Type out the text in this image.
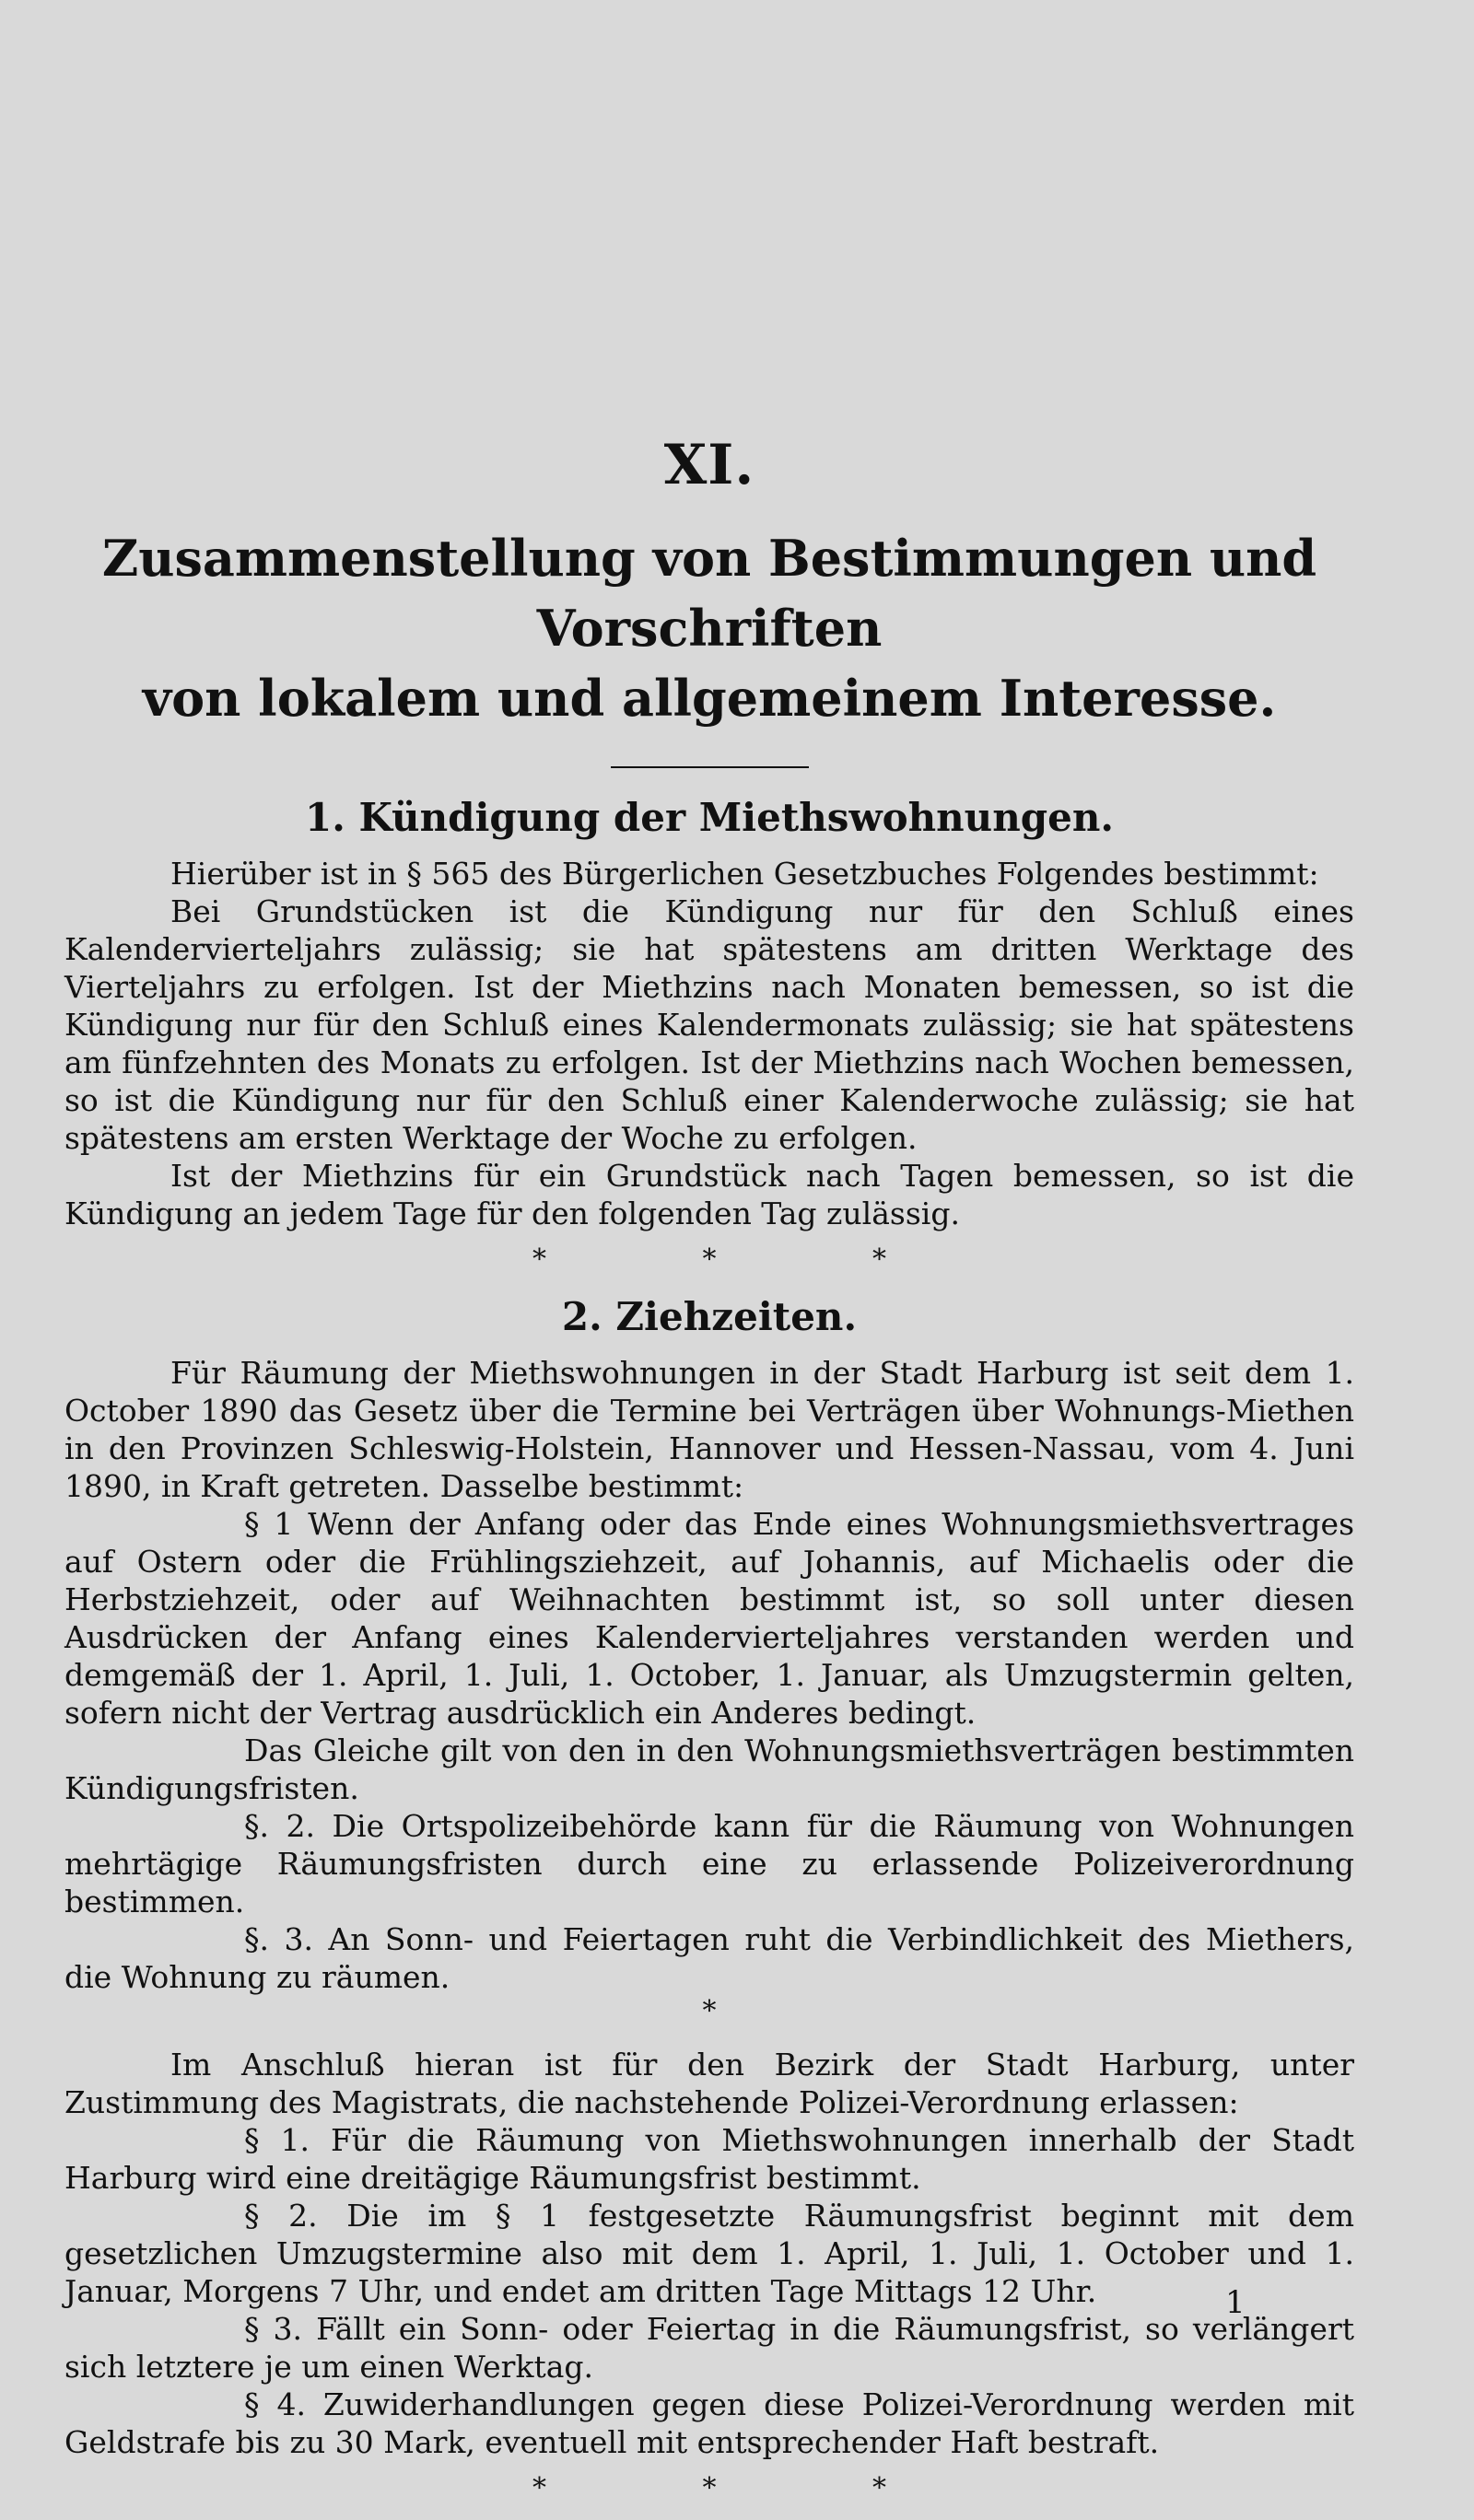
XI.
Zusammenstellung von Bestimmungen und Vorschriften
von lokalem und allgemeinem Interesse.
1. Kündigung der Miethswohnungen.

Hierüber ist in § 565 des Bürgerlichen Gesetzbuches Folgendes bestimmt:

Bei Grundstücken ist die Kündigung nur für den Schluß eines Kalendervierteljahrs zulässig; sie hat spätestens am dritten Werktage des Vierteljahrs zu erfolgen. Ist der Miethzins nach Monaten bemessen, so ist die Kündigung nur für den Schluß eines Kalendermonats zulässig; sie hat spätestens am fünfzehnten des Monats zu erfolgen. Ist der Miethzins nach Wochen bemessen, so ist die Kündigung nur für den Schluß einer Kalenderwoche zulässig; sie hat spätestens am ersten Werktage der Woche zu erfolgen.

Ist der Miethzins für ein Grundstück nach Tagen bemessen, so ist die Kündigung an jedem Tage für den folgenden Tag zulässig.

* * *
2. Ziehzeiten.

Für Räumung der Miethswohnungen in der Stadt Harburg ist seit dem 1. October 1890 das Gesetz über die Termine bei Verträgen über Wohnungs-Miethen in den Provinzen Schleswig-Holstein, Hannover und Hessen-Nassau, vom 4. Juni 1890, in Kraft getreten. Dasselbe bestimmt:

§ 1 Wenn der Anfang oder das Ende eines Wohnungsmiethsvertrages auf Ostern oder die Frühlingsziehzeit, auf Johannis, auf Michaelis oder die Herbstziehzeit, oder auf Weihnachten bestimmt ist, so soll unter diesen Ausdrücken der Anfang eines Kalendervierteljahres verstanden werden und demgemäß der 1. April, 1. Juli, 1. October, 1. Januar, als Umzugstermin gelten, sofern nicht der Vertrag ausdrücklich ein Anderes bedingt.

Das Gleiche gilt von den in den Wohnungsmiethsverträgen bestimmten Kündigungsfristen.

§. 2. Die Ortspolizeibehörde kann für die Räumung von Wohnungen mehrtägige Räumungsfristen durch eine zu erlassende Polizeiverordnung bestimmen.

§. 3. An Sonn- und Feiertagen ruht die Verbindlichkeit des Miethers, die Wohnung zu räumen.

*

Im Anschluß hieran ist für den Bezirk der Stadt Harburg, unter Zustimmung des Magistrats, die nachstehende Polizei-Verordnung erlassen:

§ 1. Für die Räumung von Miethswohnungen innerhalb der Stadt Harburg wird eine dreitägige Räumungsfrist bestimmt.

§ 2. Die im § 1 festgesetzte Räumungsfrist beginnt mit dem gesetzlichen Umzugstermine also mit dem 1. April, 1. Juli, 1. October und 1. Januar, Morgens 7 Uhr, und endet am dritten Tage Mittags 12 Uhr.

§ 3. Fällt ein Sonn- oder Feiertag in die Räumungsfrist, so verlängert sich letztere je um einen Werktag.

§ 4. Zuwiderhandlungen gegen diese Polizei-Verordnung werden mit Geldstrafe bis zu 30 Mark, eventuell mit entsprechender Haft bestraft.

* * *
1
